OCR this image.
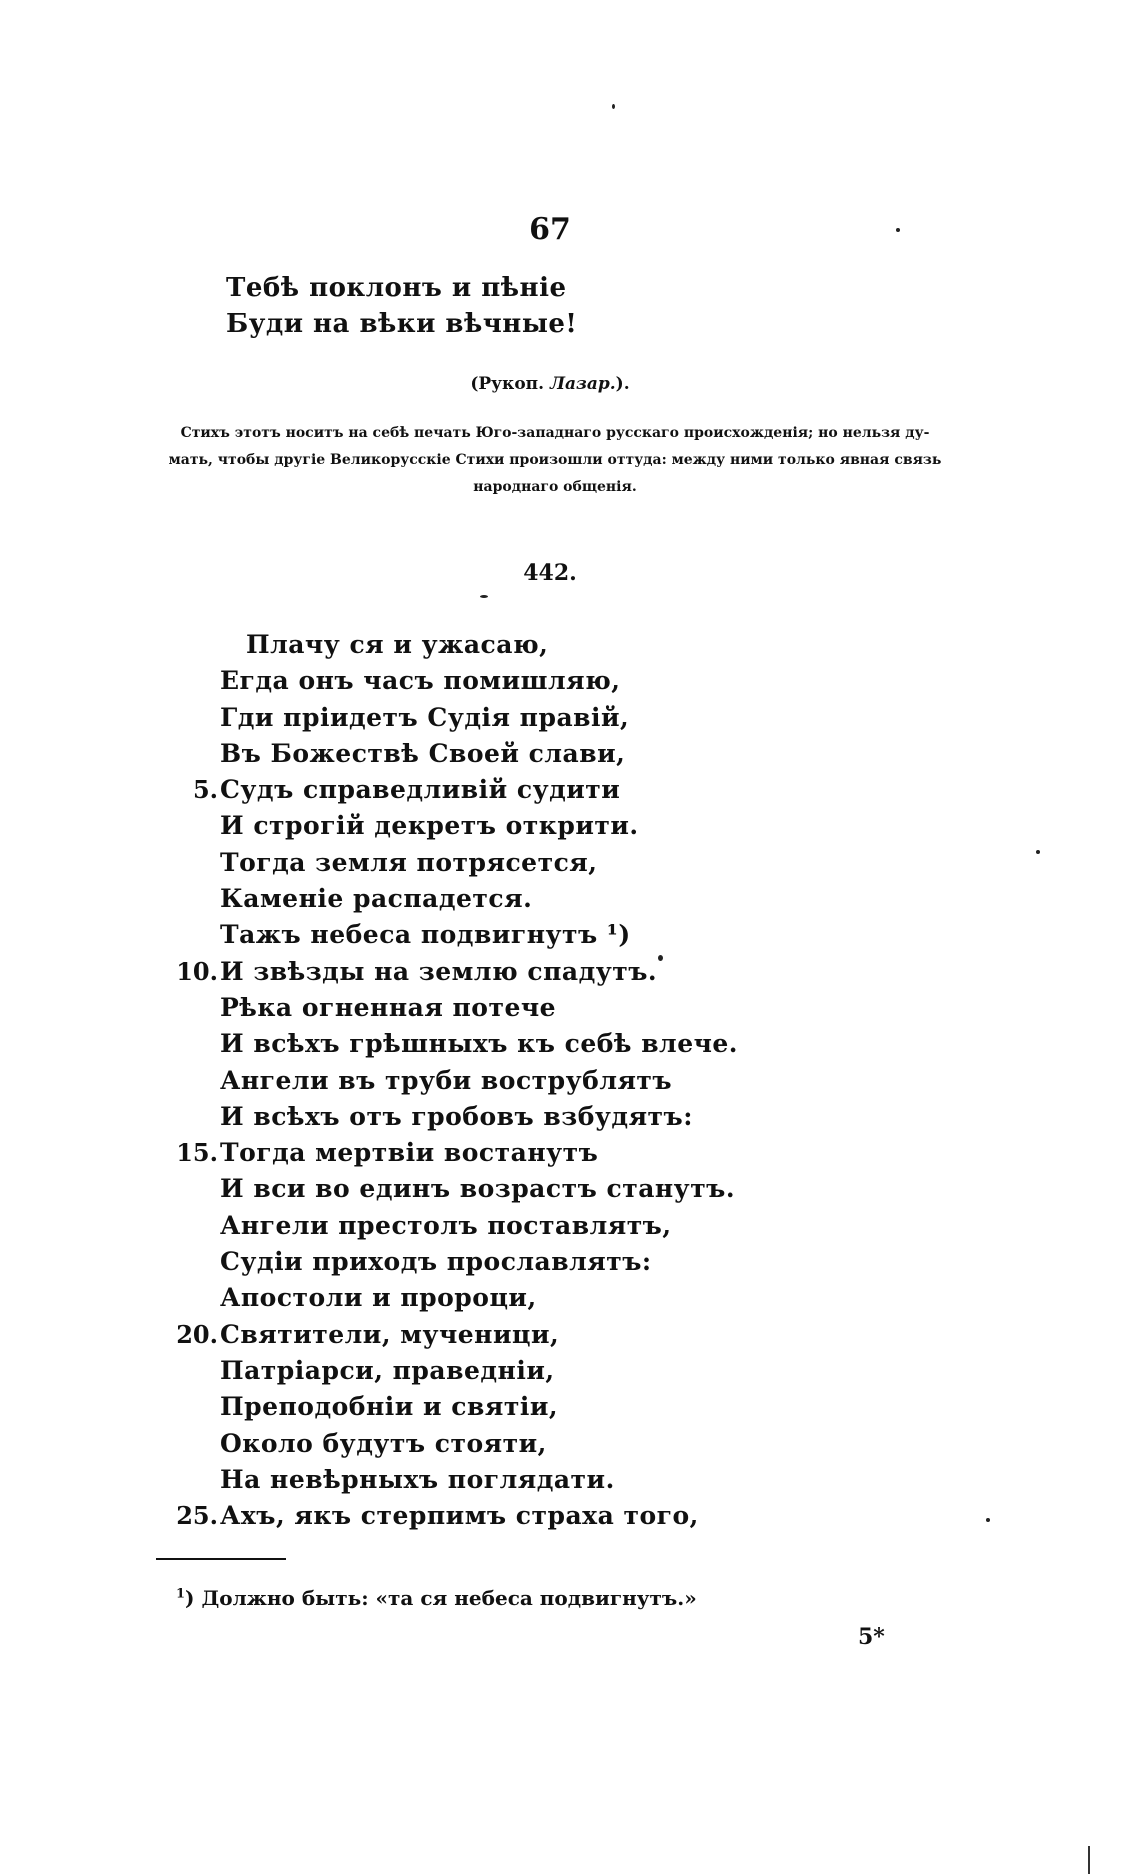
67
Тебѣ поклонъ и пѣніе
Буди на вѣки вѣчные!
(Рукоп. Лазар.).
Стихъ этотъ носитъ на себѣ печать Юго-западнаго русскаго происхожденія; но нельзя ду-
мать, чтобы другіе Великорусскіе Стихи произошли оттуда: между ними только явная связь
народнаго общенія.
442.
Плачу ся и ужасаю,
Егда онъ часъ помишляю,
Гди пріидетъ Судія правій,
Въ Божествѣ Своей слави,
5. Судъ справедливій судити
И строгій декретъ открити.
Тогда земля потрясется,
Каменіе распадется.
Тажъ небеса подвигнутъ ¹)
10. И звѣзды на землю спадутъ.
Рѣка огненная потече
И всѣхъ грѣшныхъ къ себѣ влече.
Ангели въ труби вострублятъ
И всѣхъ отъ гробовъ взбудятъ:
15. Тогда мертвіи востанутъ
И вси во единъ возрастъ станутъ.
Ангели престолъ поставлятъ,
Судіи приходъ прославлятъ:
Апостоли и пророци,
20. Святители, мученици,
Патріарси, праведніи,
Преподобніи и святіи,
Около будутъ стояти,
На невѣрныхъ поглядати.
25. Ахъ, якъ стерпимъ страха того,
$^1$) Должно быть: «та ся небеса подвигнутъ.»
5*
